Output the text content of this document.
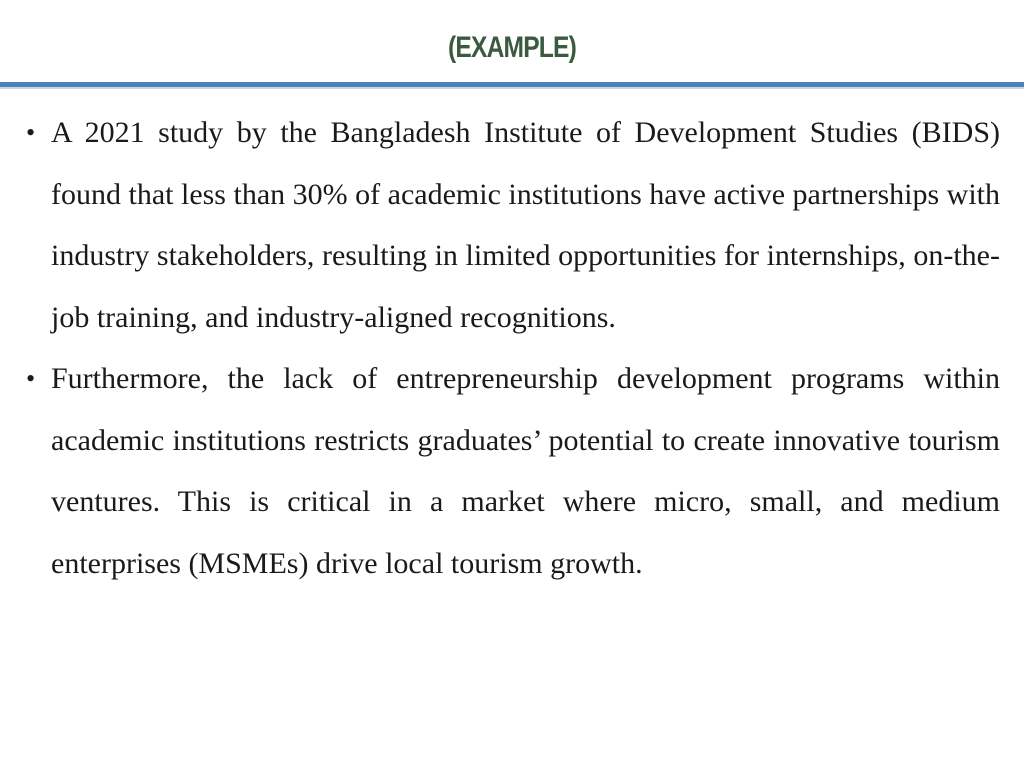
(EXAMPLE)
• A 2021 study by the Bangladesh Institute of Development Studies (BIDS) found that less than 30% of academic institutions have active partnerships with industry stakeholders, resulting in limited opportunities for internships, on-the-job training, and industry-aligned recognitions.
• Furthermore, the lack of entrepreneurship development programs within academic institutions restricts graduates’ potential to create innovative tourism ventures. This is critical in a market where micro, small, and medium enterprises (MSMEs) drive local tourism growth.
